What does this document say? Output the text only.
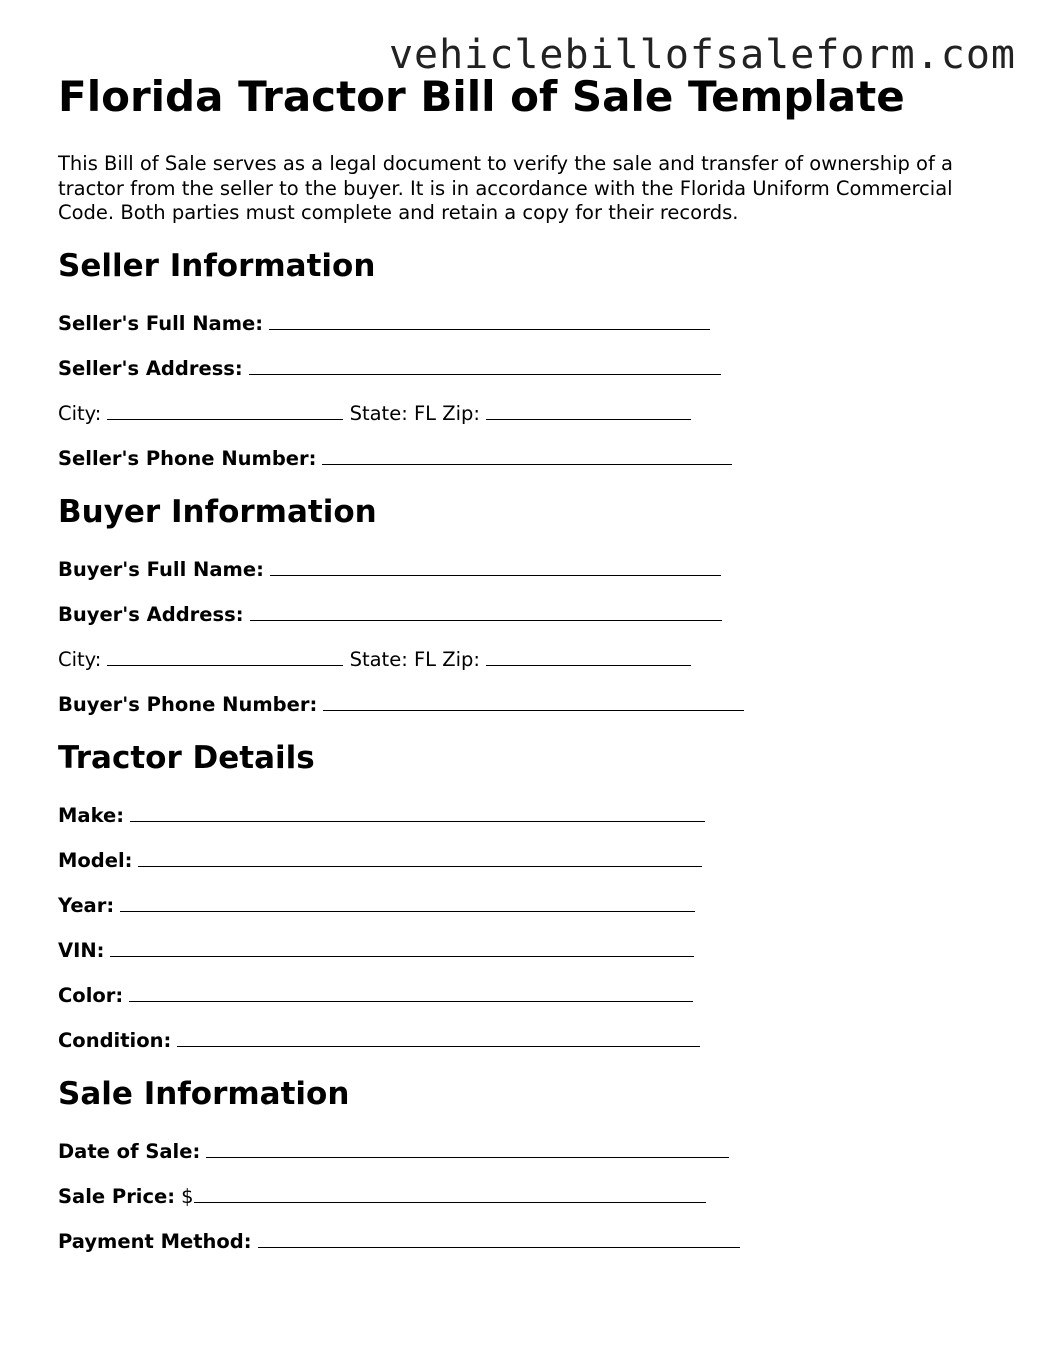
vehiclebillofsaleform.com
Florida Tractor Bill of Sale Template

This Bill of Sale serves as a legal document to verify the sale and transfer of ownership of a tractor from the seller to the buyer. It is in accordance with the Florida Uniform Commercial Code. Both parties must complete and retain a copy for their records.

Seller Information
Seller's Full Name:
Seller's Address:
City:	State: FL Zip:
Seller's Phone Number:
Buyer Information
Buyer's Full Name:
Buyer's Address:
City:	State: FL Zip:
Buyer's Phone Number:
Tractor Details
Make:
Model:
Year:
VIN:
Color:
Condition:
Sale Information
Date of Sale:
Sale Price: $
Payment Method:
